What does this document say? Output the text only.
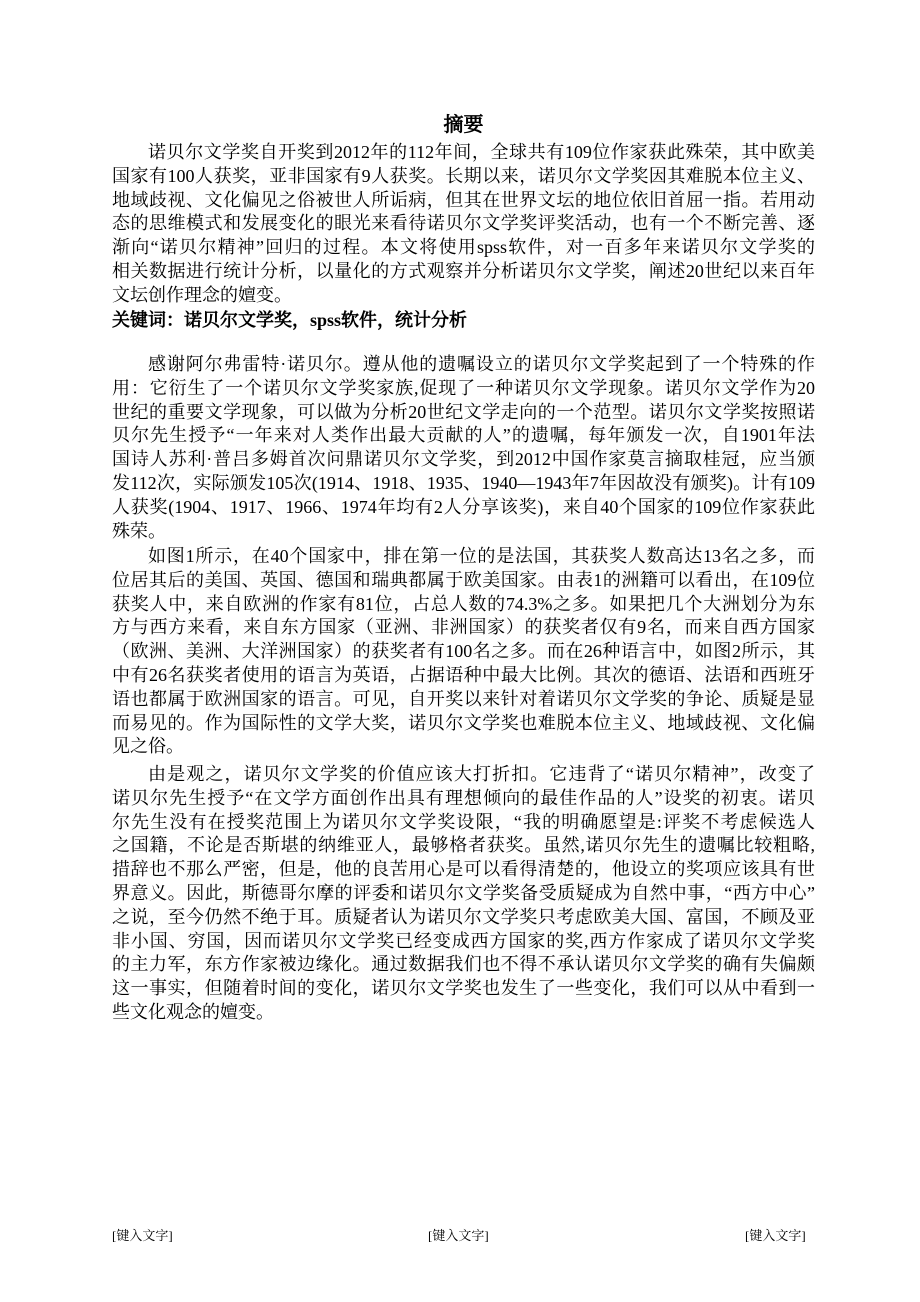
摘要
诺贝尔文学奖自开奖到2012年的112年间，全球共有109位作家获此殊荣，其中欧美
国家有100人获奖，亚非国家有9人获奖。长期以来，诺贝尔文学奖因其难脱本位主义、
地域歧视、文化偏见之俗被世人所诟病，但其在世界文坛的地位依旧首屈一指。若用动
态的思维模式和发展变化的眼光来看待诺贝尔文学奖评奖活动，也有一个不断完善、逐
渐向“诺贝尔精神”回归的过程。本文将使用spss软件，对一百多年来诺贝尔文学奖的
相关数据进行统计分析，以量化的方式观察并分析诺贝尔文学奖，阐述20世纪以来百年
文坛创作理念的嬗变。
关键词：诺贝尔文学奖，spss软件，统计分析
感谢阿尔弗雷特·诺贝尔。遵从他的遗嘱设立的诺贝尔文学奖起到了一个特殊的作
用：它衍生了一个诺贝尔文学奖家族,促现了一种诺贝尔文学现象。诺贝尔文学作为20
世纪的重要文学现象，可以做为分析20世纪文学走向的一个范型。诺贝尔文学奖按照诺
贝尔先生授予“一年来对人类作出最大贡献的人”的遗嘱，每年颁发一次，自1901年法
国诗人苏利·普吕多姆首次问鼎诺贝尔文学奖，到2012中国作家莫言摘取桂冠，应当颁
发112次，实际颁发105次(1914、1918、1935、1940—1943年7年因故没有颁奖)。计有109
人获奖(1904、1917、1966、1974年均有2人分享该奖)，来自40个国家的109位作家获此
殊荣。
如图1所示，在40个国家中，排在第一位的是法国，其获奖人数高达13名之多，而
位居其后的美国、英国、德国和瑞典都属于欧美国家。由表1的洲籍可以看出，在109位
获奖人中，来自欧洲的作家有81位，占总人数的74.3%之多。如果把几个大洲划分为东
方与西方来看，来自东方国家（亚洲、非洲国家）的获奖者仅有9名，而来自西方国家
（欧洲、美洲、大洋洲国家）的获奖者有100名之多。而在26种语言中，如图2所示，其
中有26名获奖者使用的语言为英语，占据语种中最大比例。其次的德语、法语和西班牙
语也都属于欧洲国家的语言。可见，自开奖以来针对着诺贝尔文学奖的争论、质疑是显
而易见的。作为国际性的文学大奖，诺贝尔文学奖也难脱本位主义、地域歧视、文化偏
见之俗。
由是观之，诺贝尔文学奖的价值应该大打折扣。它违背了“诺贝尔精神”，改变了
诺贝尔先生授予“在文学方面创作出具有理想倾向的最佳作品的人”设奖的初衷。诺贝
尔先生没有在授奖范围上为诺贝尔文学奖设限，“我的明确愿望是:评奖不考虑候选人
之国籍，不论是否斯堪的纳维亚人，最够格者获奖。虽然,诺贝尔先生的遗嘱比较粗略,
措辞也不那么严密，但是，他的良苦用心是可以看得清楚的，他设立的奖项应该具有世
界意义。因此，斯德哥尔摩的评委和诺贝尔文学奖备受质疑成为自然中事，“西方中心”
之说，至今仍然不绝于耳。质疑者认为诺贝尔文学奖只考虑欧美大国、富国，不顾及亚
非小国、穷国，因而诺贝尔文学奖已经变成西方国家的奖,西方作家成了诺贝尔文学奖
的主力军，东方作家被边缘化。通过数据我们也不得不承认诺贝尔文学奖的确有失偏颇
这一事实，但随着时间的变化，诺贝尔文学奖也发生了一些变化，我们可以从中看到一
些文化观念的嬗变。
[键入文字]	[键入文字]	[键入文字]
